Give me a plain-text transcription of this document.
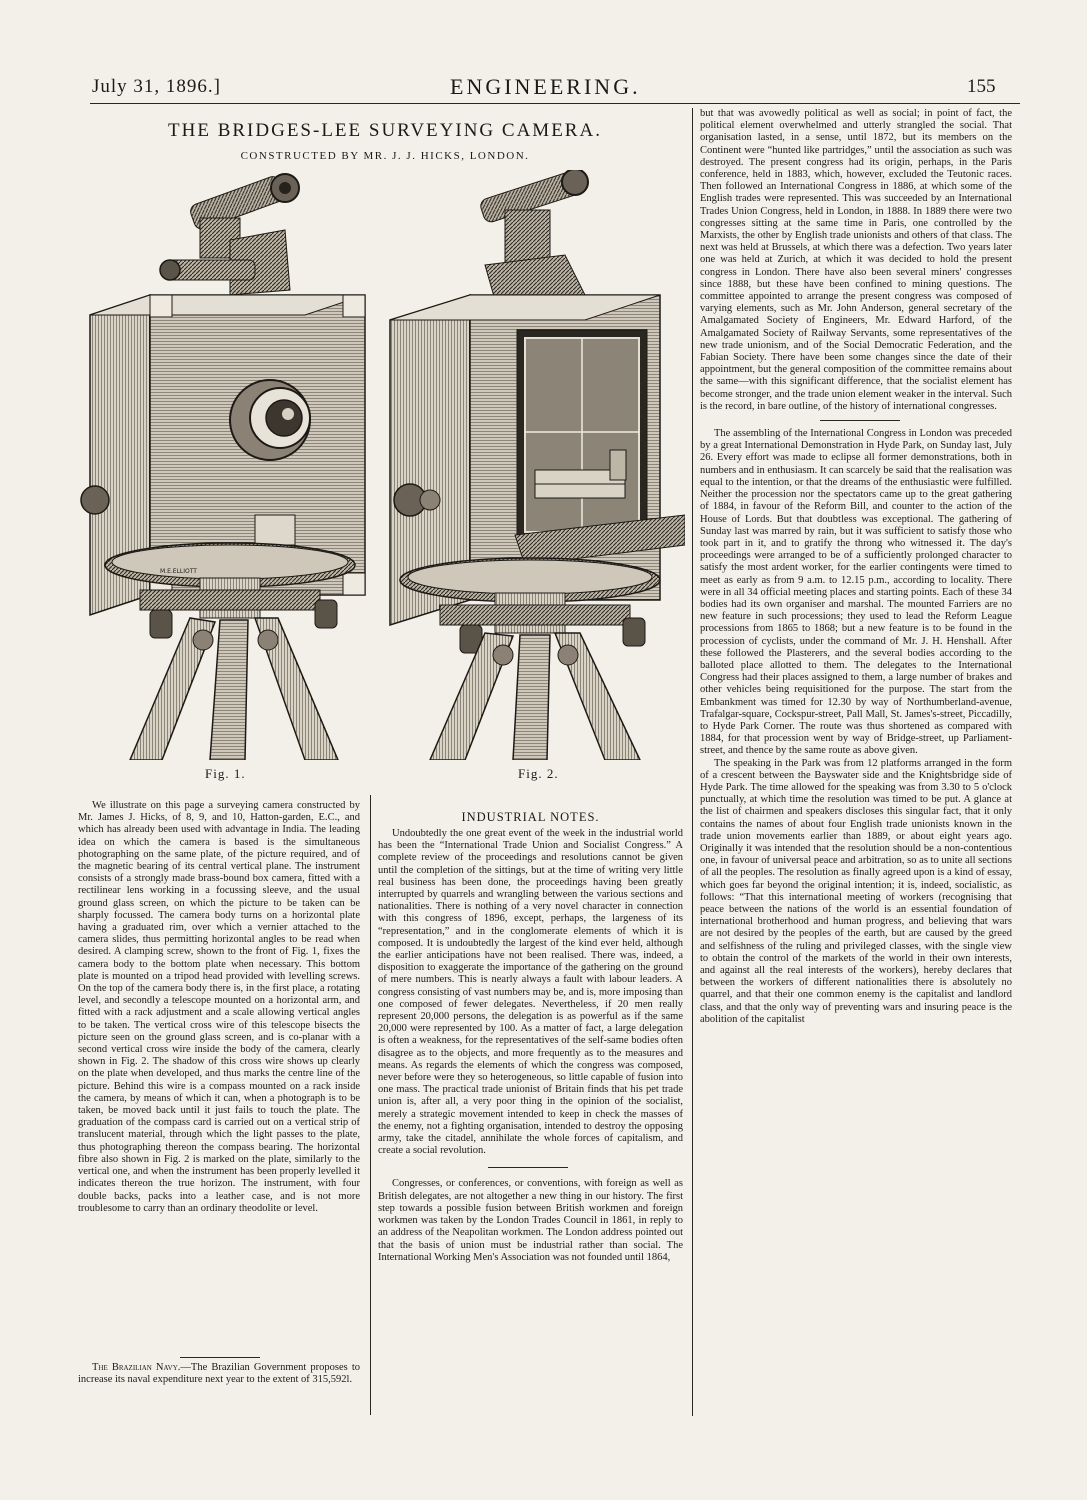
July 31, 1896.]	ENGINEERING.	155
THE BRIDGES-LEE SURVEYING CAMERA.
CONSTRUCTED BY MR. J. J. HICKS, LONDON.
M.E.ELLIOTT
Fig. 1.	Fig. 2.

We illustrate on this page a surveying camera constructed by Mr. James J. Hicks, of 8, 9, and 10, Hatton-garden, E.C., and which has already been used with advantage in India. The leading idea on which the camera is based is the simultaneous photographing on the same plate, of the picture required, and of the magnetic bearing of its central vertical plane. The instrument consists of a strongly made brass-bound box camera, fitted with a rectilinear lens working in a focussing sleeve, and the usual ground glass screen, on which the picture to be taken can be sharply focussed. The camera body turns on a horizontal plate having a graduated rim, over which a vernier attached to the camera slides, thus permitting horizontal angles to be read when desired. A clamping screw, shown to the front of Fig. 1, fixes the camera body to the bottom plate when necessary. This bottom plate is mounted on a tripod head provided with levelling screws. On the top of the camera body there is, in the first place, a rotating level, and secondly a telescope mounted on a horizontal arm, and fitted with a rack adjustment and a scale allowing vertical angles to be taken. The vertical cross wire of this telescope bisects the picture seen on the ground glass screen, and is co-planar with a second vertical cross wire inside the body of the camera, clearly shown in Fig. 2. The shadow of this cross wire shows up clearly on the plate when developed, and thus marks the centre line of the picture. Behind this wire is a compass mounted on a rack inside the camera, by means of which it can, when a photograph is to be taken, be moved back until it just fails to touch the plate. The graduation of the compass card is carried out on a vertical strip of translucent material, through which the light passes to the plate, thus photographing thereon the compass bearing. The horizontal fibre also shown in Fig. 2 is marked on the plate, similarly to the vertical one, and when the instrument has been properly levelled it indicates thereon the true horizon. The instrument, with four double backs, packs into a leather case, and is not more troublesome to carry than an ordinary theodolite or level.

The Brazilian Navy.—The Brazilian Government proposes to increase its naval expenditure next year to the extent of 315,592l.

INDUSTRIAL NOTES.

Undoubtedly the one great event of the week in the industrial world has been the “International Trade Union and Socialist Congress.” A complete review of the proceedings and resolutions cannot be given until the completion of the sittings, but at the time of writing very little real business has been done, the proceedings having been greatly interrupted by quarrels and wrangling between the various sections and nationalities. There is nothing of a very novel character in connection with this congress of 1896, except, perhaps, the largeness of its “representation,” and in the conglomerate elements of which it is composed. It is undoubtedly the largest of the kind ever held, although the earlier anticipations have not been realised. There was, indeed, a disposition to exaggerate the importance of the gathering on the ground of mere numbers. This is nearly always a fault with labour leaders. A congress consisting of vast numbers may be, and is, more imposing than one composed of fewer delegates. Nevertheless, if 20 men really represent 20,000 persons, the delegation is as powerful as if the same 20,000 were represented by 100. As a matter of fact, a large delegation is often a weakness, for the representatives of the self-same bodies often disagree as to the objects, and more frequently as to the measures and means. As regards the elements of which the congress was composed, never before were they so heterogeneous, so little capable of fusion into one mass. The practical trade unionist of Britain finds that his pet trade union is, after all, a very poor thing in the opinion of the socialist, merely a strategic movement intended to keep in check the masses of the enemy, not a fighting organisation, intended to destroy the opposing army, take the citadel, annihilate the whole forces of capitalism, and create a social revolution.

Congresses, or conferences, or conventions, with foreign as well as British delegates, are not altogether a new thing in our history. The first step towards a possible fusion between British workmen and foreign workmen was taken by the London Trades Council in 1861, in reply to an address of the Neapolitan workmen. The London address pointed out that the basis of union must be industrial rather than social. The International Working Men's Association was not founded until 1864,

but that was avowedly political as well as social; in point of fact, the political element overwhelmed and utterly strangled the social. That organisation lasted, in a sense, until 1872, but its members on the Continent were “hunted like partridges,” until the association as such was destroyed. The present congress had its origin, perhaps, in the Paris conference, held in 1883, which, however, excluded the Teutonic races. Then followed an International Congress in 1886, at which some of the English trades were represented. This was succeeded by an International Trades Union Congress, held in London, in 1888. In 1889 there were two congresses sitting at the same time in Paris, one controlled by the Marxists, the other by English trade unionists and others of that class. The next was held at Brussels, at which there was a defection. Two years later one was held at Zurich, at which it was decided to hold the present congress in London. There have also been several miners' congresses since 1888, but these have been confined to mining questions. The committee appointed to arrange the present congress was composed of varying elements, such as Mr. John Anderson, general secretary of the Amalgamated Society of Engineers, Mr. Edward Harford, of the Amalgamated Society of Railway Servants, some representatives of the new trade unionism, and of the Social Democratic Federation, and the Fabian Society. There have been some changes since the date of their appointment, but the general composition of the committee remains about the same—with this significant difference, that the socialist element has become stronger, and the trade union element weaker in the interval. Such is the record, in bare outline, of the history of international congresses.

The assembling of the International Congress in London was preceded by a great International Demonstration in Hyde Park, on Sunday last, July 26. Every effort was made to eclipse all former demonstrations, both in numbers and in enthusiasm. It can scarcely be said that the realisation was equal to the intention, or that the dreams of the enthusiastic were fulfilled. Neither the procession nor the spectators came up to the great gathering of 1884, in favour of the Reform Bill, and counter to the action of the House of Lords. But that doubtless was exceptional. The gathering of Sunday last was marred by rain, but it was sufficient to satisfy those who took part in it, and to gratify the throng who witnessed it. The day's proceedings were arranged to be of a sufficiently prolonged character to satisfy the most ardent worker, for the earlier contingents were timed to meet as early as from 9 a.m. to 12.15 p.m., according to locality. There were in all 34 official meeting places and starting points. Each of these 34 bodies had its own organiser and marshal. The mounted Farriers are no new feature in such processions; they used to lead the Reform League processions from 1865 to 1868; but a new feature is to be found in the procession of cyclists, under the command of Mr. J. H. Henshall. After these followed the Plasterers, and the several bodies according to the balloted place allotted to them. The delegates to the International Congress had their places assigned to them, a large number of brakes and other vehicles being requisitioned for the purpose. The start from the Embankment was timed for 12.30 by way of Northumberland-avenue, Trafalgar-square, Cockspur-street, Pall Mall, St. James's-street, Piccadilly, to Hyde Park Corner. The route was thus shortened as compared with 1884, for that procession went by way of Bridge-street, up Parliament-street, and thence by the same route as above given.

The speaking in the Park was from 12 platforms arranged in the form of a crescent between the Bayswater side and the Knightsbridge side of Hyde Park. The time allowed for the speaking was from 3.30 to 5 o'clock punctually, at which time the resolution was timed to be put. A glance at the list of chairmen and speakers discloses this singular fact, that it only contains the names of about four English trade unionists known in the trade union movements earlier than 1889, or about eight years ago. Originally it was intended that the resolution should be a non-contentious one, in favour of universal peace and arbitration, so as to unite all sections of all the peoples. The resolution as finally agreed upon is a kind of essay, which goes far beyond the original intention; it is, indeed, socialistic, as follows: “That this international meeting of workers (recognising that peace between the nations of the world is an essential foundation of international brotherhood and human progress, and believing that wars are not desired by the peoples of the earth, but are caused by the greed and selfishness of the ruling and privileged classes, with the single view to obtain the control of the markets of the world in their own interests, and against all the real interests of the workers), hereby declares that between the workers of different nationalities there is absolutely no quarrel, and that their one common enemy is the capitalist and landlord class, and that the only way of preventing wars and insuring peace is the abolition of the capitalist
